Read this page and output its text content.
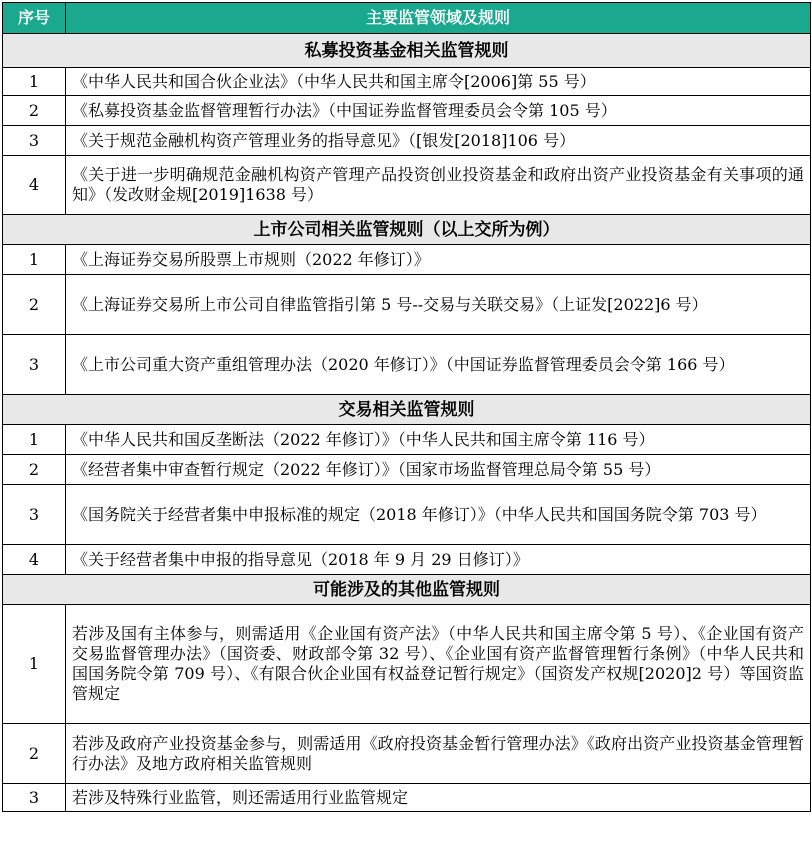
序号	主要监管领域及规则
私募投资基金相关监管规则	
1	《中华人民共和国合伙企业法》（中华人民共和国主席令[2006]第 55 号）
2	《私募投资基金监督管理暂行办法》（中国证券监督管理委员会令第 105 号）
3	《关于规范金融机构资产管理业务的指导意见》（[银发[2018]106 号）
4	《关于进一步明确规范金融机构资产管理产品投资创业投资基金和政府出资产业投资基金有关事项的通知》（发改财金规[2019]1638 号）
上市公司相关监管规则（以上交所为例）	
1	《上海证券交易所股票上市规则（2022 年修订）》
2	《上海证券交易所上市公司自律监管指引第 5 号--交易与关联交易》（上证发[2022]6 号）
3	《上市公司重大资产重组管理办法（2020 年修订）》（中国证券监督管理委员会令第 166 号）
交易相关监管规则	
1	《中华人民共和国反垄断法（2022 年修订）》（中华人民共和国主席令第 116 号）
2	《经营者集中审查暂行规定（2022 年修订）》（国家市场监督管理总局令第 55 号）
3	《国务院关于经营者集中申报标准的规定（2018 年修订）》（中华人民共和国国务院令第 703 号）
4	《关于经营者集中申报的指导意见（2018 年 9 月 29 日修订）》
可能涉及的其他监管规则	
1	若涉及国有主体参与，则需适用《企业国有资产法》（中华人民共和国主席令第 5 号）、《企业国有资产交易监督管理办法》（国资委、财政部令第 32 号）、《企业国有资产监督管理暂行条例》（中华人民共和国国务院令第 709 号）、《有限合伙企业国有权益登记暂行规定》（国资发产权规[2020]2 号）等国资监管规定
2	若涉及政府产业投资基金参与，则需适用《政府投资基金暂行管理办法》《政府出资产业投资基金管理暂行办法》及地方政府相关监管规则
3	若涉及特殊行业监管，则还需适用行业监管规定
